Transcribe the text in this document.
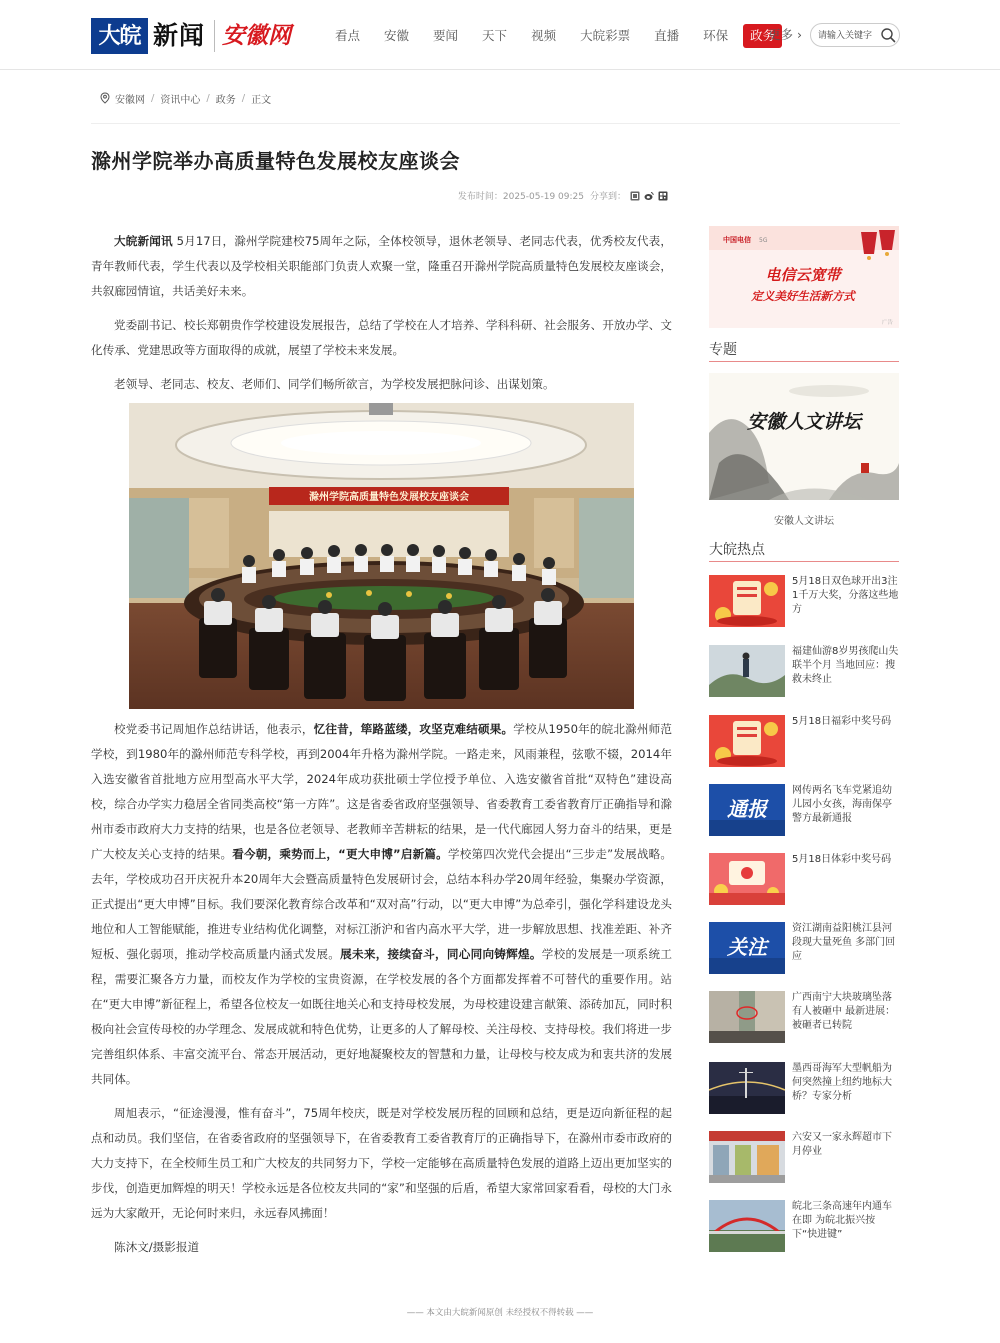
大皖 新闻 安徽网	看点	安徽	要闻	天下	视频	大皖彩票	直播	环保	政务
更多 ›
请输入关键字
安徽网 / 资讯中心 / 政务 / 正文
滁州学院举办高质量特色发展校友座谈会
发布时间：2025-05-19 09:25 分享到：

大皖新闻讯 5月17日，滁州学院建校75周年之际，全体校领导，退休老领导、老同志代表，优秀校友代表，青年教师代表，学生代表以及学校相关职能部门负责人欢聚一堂，隆重召开滁州学院高质量特色发展校友座谈会，共叙廊园情谊，共话美好未来。

党委副书记、校长郑朝贵作学校建设发展报告，总结了学校在人才培养、学科科研、社会服务、开放办学、文化传承、党建思政等方面取得的成就，展望了学校未来发展。

老领导、老同志、校友、老师们、同学们畅所欲言，为学校发展把脉问诊、出谋划策。

滁州学院高质量特色发展校友座谈会

校党委书记周旭作总结讲话，他表示，忆往昔，筚路蓝缕，攻坚克难结硕果。学校从1950年的皖北滁州师范学校，到1980年的滁州师范专科学校，再到2004年升格为滁州学院。一路走来，风雨兼程，弦歌不辍，2014年入选安徽省首批地方应用型高水平大学，2024年成功获批硕士学位授予单位、入选安徽省首批“双特色”建设高校，综合办学实力稳居全省同类高校“第一方阵”。这是省委省政府坚强领导、省委教育工委省教育厅正确指导和滁州市委市政府大力支持的结果，也是各位老领导、老教师辛苦耕耘的结果，是一代代廊园人努力奋斗的结果，更是广大校友关心支持的结果。看今朝，乘势而上，“更大申博”启新篇。学校第四次党代会提出“三步走”发展战略。去年，学校成功召开庆祝升本20周年大会暨高质量特色发展研讨会，总结本科办学20周年经验，集聚办学资源，正式提出“更大申博”目标。我们要深化教育综合改革和“双对高”行动，以“更大申博”为总牵引，强化学科建设龙头地位和人工智能赋能，推进专业结构优化调整，对标江浙沪和省内高水平大学，进一步解放思想、找准差距、补齐短板、强化弱项，推动学校高质量内涵式发展。展未来，接续奋斗，同心同向铸辉煌。学校的发展是一项系统工程，需要汇聚各方力量，而校友作为学校的宝贵资源，在学校发展的各个方面都发挥着不可替代的重要作用。站在“更大申博”新征程上，希望各位校友一如既往地关心和支持母校发展，为母校建设建言献策、添砖加瓦，同时积极向社会宣传母校的办学理念、发展成就和特色优势，让更多的人了解母校、关注母校、支持母校。我们将进一步完善组织体系、丰富交流平台、常态开展活动，更好地凝聚校友的智慧和力量，让母校与校友成为和衷共济的发展共同体。

周旭表示，“征途漫漫，惟有奋斗”，75周年校庆，既是对学校发展历程的回顾和总结，更是迈向新征程的起点和动员。我们坚信，在省委省政府的坚强领导下，在省委教育工委省教育厅的正确指导下，在滁州市委市政府的大力支持下，在全校师生员工和广大校友的共同努力下，学校一定能够在高质量特色发展的道路上迈出更加坚实的步伐，创造更加辉煌的明天！学校永远是各位校友共同的“家”和坚强的后盾，希望大家常回家看看，母校的大门永远为大家敞开，无论何时来归，永远春风拂面！

陈沐文/摄影报道

—— 本文由大皖新闻原创 未经授权不得转载 ——
中国电信 5G
电信云宽带
定义美好生活新方式
广告
专题
安徽人文讲坛
安徽人文讲坛
大皖热点
5月18日双色球开出3注1千万大奖，分落这些地方
福建仙游8岁男孩爬山失联半个月 当地回应：搜救未终止
5月18日福彩中奖号码
通报
网传两名飞车党紧追幼儿园小女孩，海南保亭警方最新通报
5月18日体彩中奖号码
关注
资江湖南益阳桃江县河段现大量死鱼 多部门回应
广西南宁大块玻璃坠落有人被砸中 最新进展：被砸者已转院
墨西哥海军大型帆船为何突然撞上纽约地标大桥？专家分析
六安又一家永辉超市下月停业
皖北三条高速年内通车在即 为皖北振兴按下“快进键”
